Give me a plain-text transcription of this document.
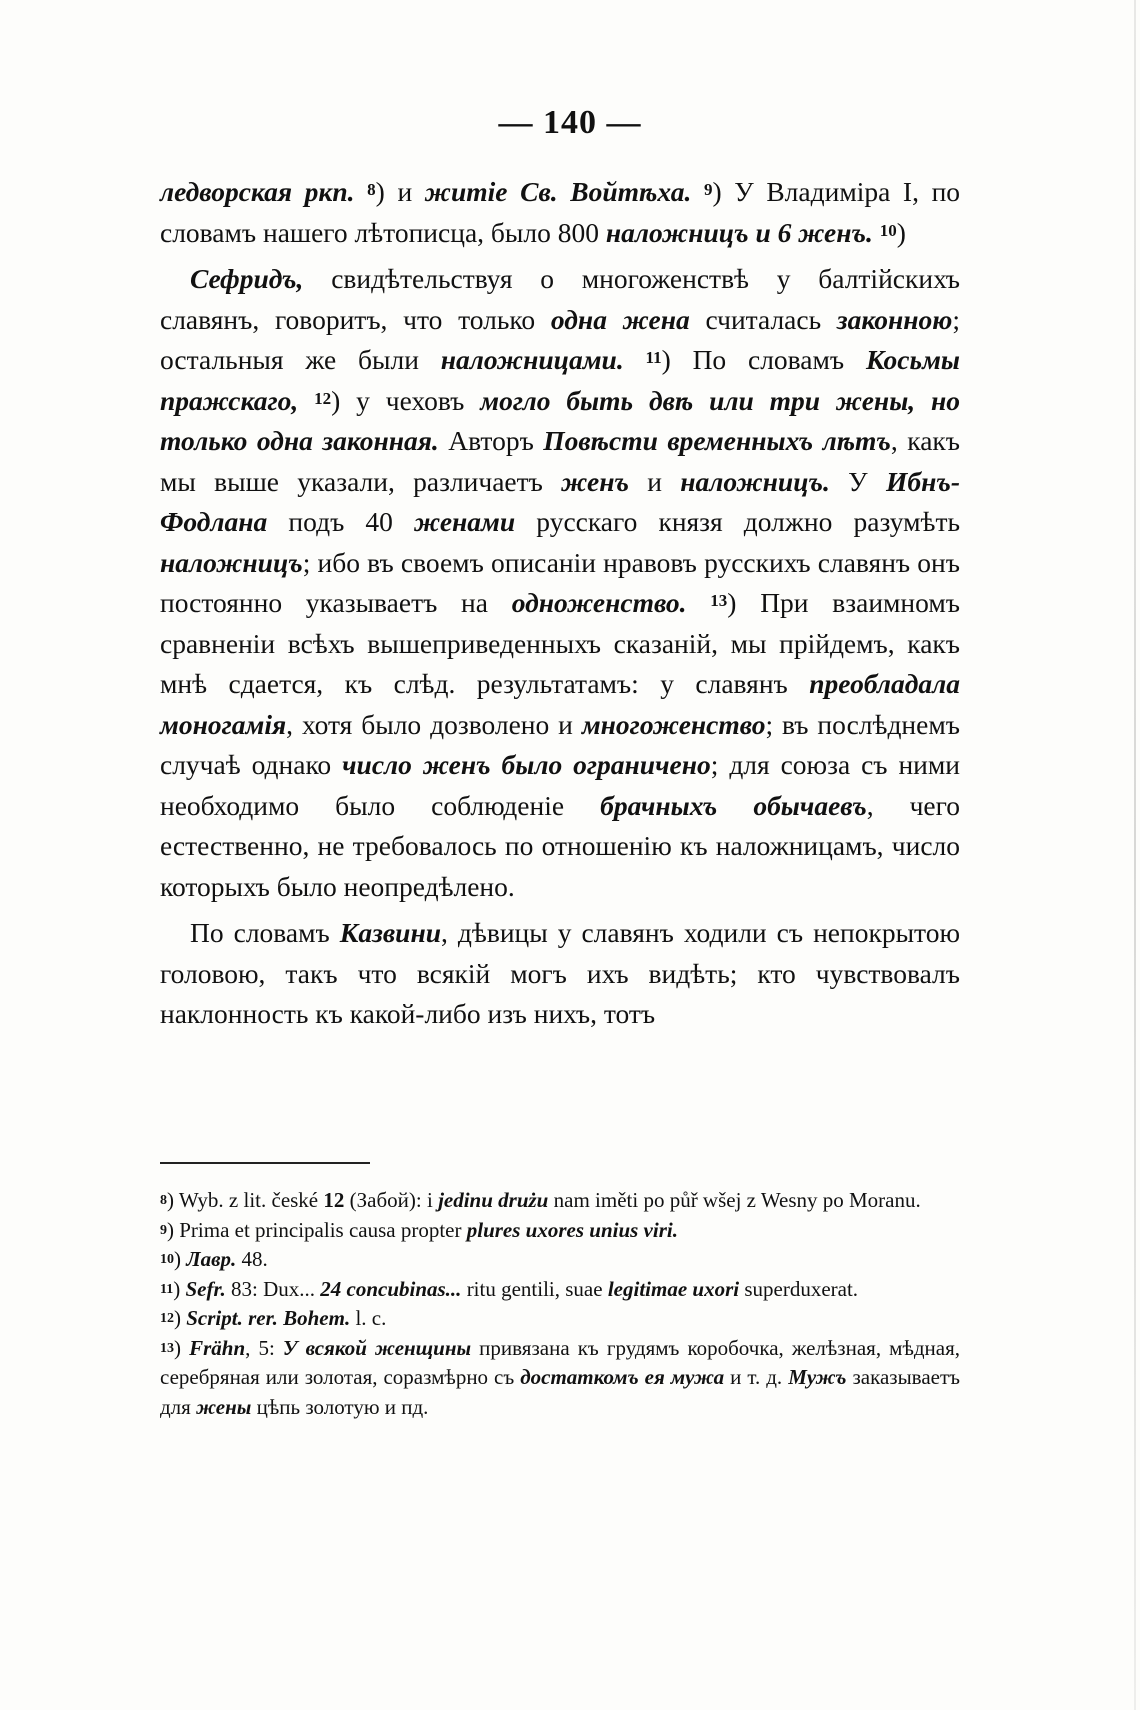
— 140 —

ледворская ркп. $^8$) и житіе Св. Войтѣха. $^9$) У Владиміра I, по словамъ нашего лѣтописца, было 800 наложницъ и 6 женъ. $^{10}$)

Сефридъ, свидѣтельствуя о многоженствѣ у балтійскихъ славянъ, говоритъ, что только одна жена считалась законною; остальныя же были наложницами. $^{11}$) По словамъ Косьмы пражскаго, $^{12}$) у чеховъ могло быть двѣ или три жены, но только одна законная. Авторъ Повѣсти временныхъ лѣтъ, какъ мы выше указали, различаетъ женъ и наложницъ. У Ибнъ-Фодлана подъ 40 женами русскаго князя должно разумѣть наложницъ; ибо въ своемъ описаніи нравовъ русскихъ славянъ онъ постоянно указываетъ на одноженство. $^{13}$) При взаимномъ сравненіи всѣхъ вышеприведенныхъ сказаній, мы прійдемъ, какъ мнѣ сдается, къ слѣд. результатамъ: у славянъ преобладала моногамія, хотя было дозволено и многоженство; въ послѣднемъ случаѣ однако число женъ было ограничено; для союза съ ними необходимо было соблюденіе брачныхъ обычаевъ, чего естественно, не требовалось по отношенію къ наложницамъ, число которыхъ было неопредѣлено.

По словамъ Казвини, дѣвицы у славянъ ходили съ непокрытою головою, такъ что всякій могъ ихъ видѣть; кто чувствовалъ наклонность къ какой-либо изъ нихъ, тотъ

$^8$) Wyb. z lit. české 12 (Забой): i jedinu drużu nam iměti po půř wšej z Wesny po Moranu.

$^9$) Prima et principalis causa propter plures uxores unius viri.

$^{10}$) Лавр. 48.

$^{11}$) Sefr. 83: Dux... 24 concubinas... ritu gentili, suae legitimae uxori superduxerat.

$^{12}$) Script. rer. Bohem. l. c.

$^{13}$) Frähn, 5: У всякой женщины привязана къ грудямъ коробочка, желѣзная, мѣдная, серебряная или золотая, соразмѣрно съ достаткомъ ея мужа и т. д. Мужъ заказываетъ для жены цѣпь золотую и пд.
